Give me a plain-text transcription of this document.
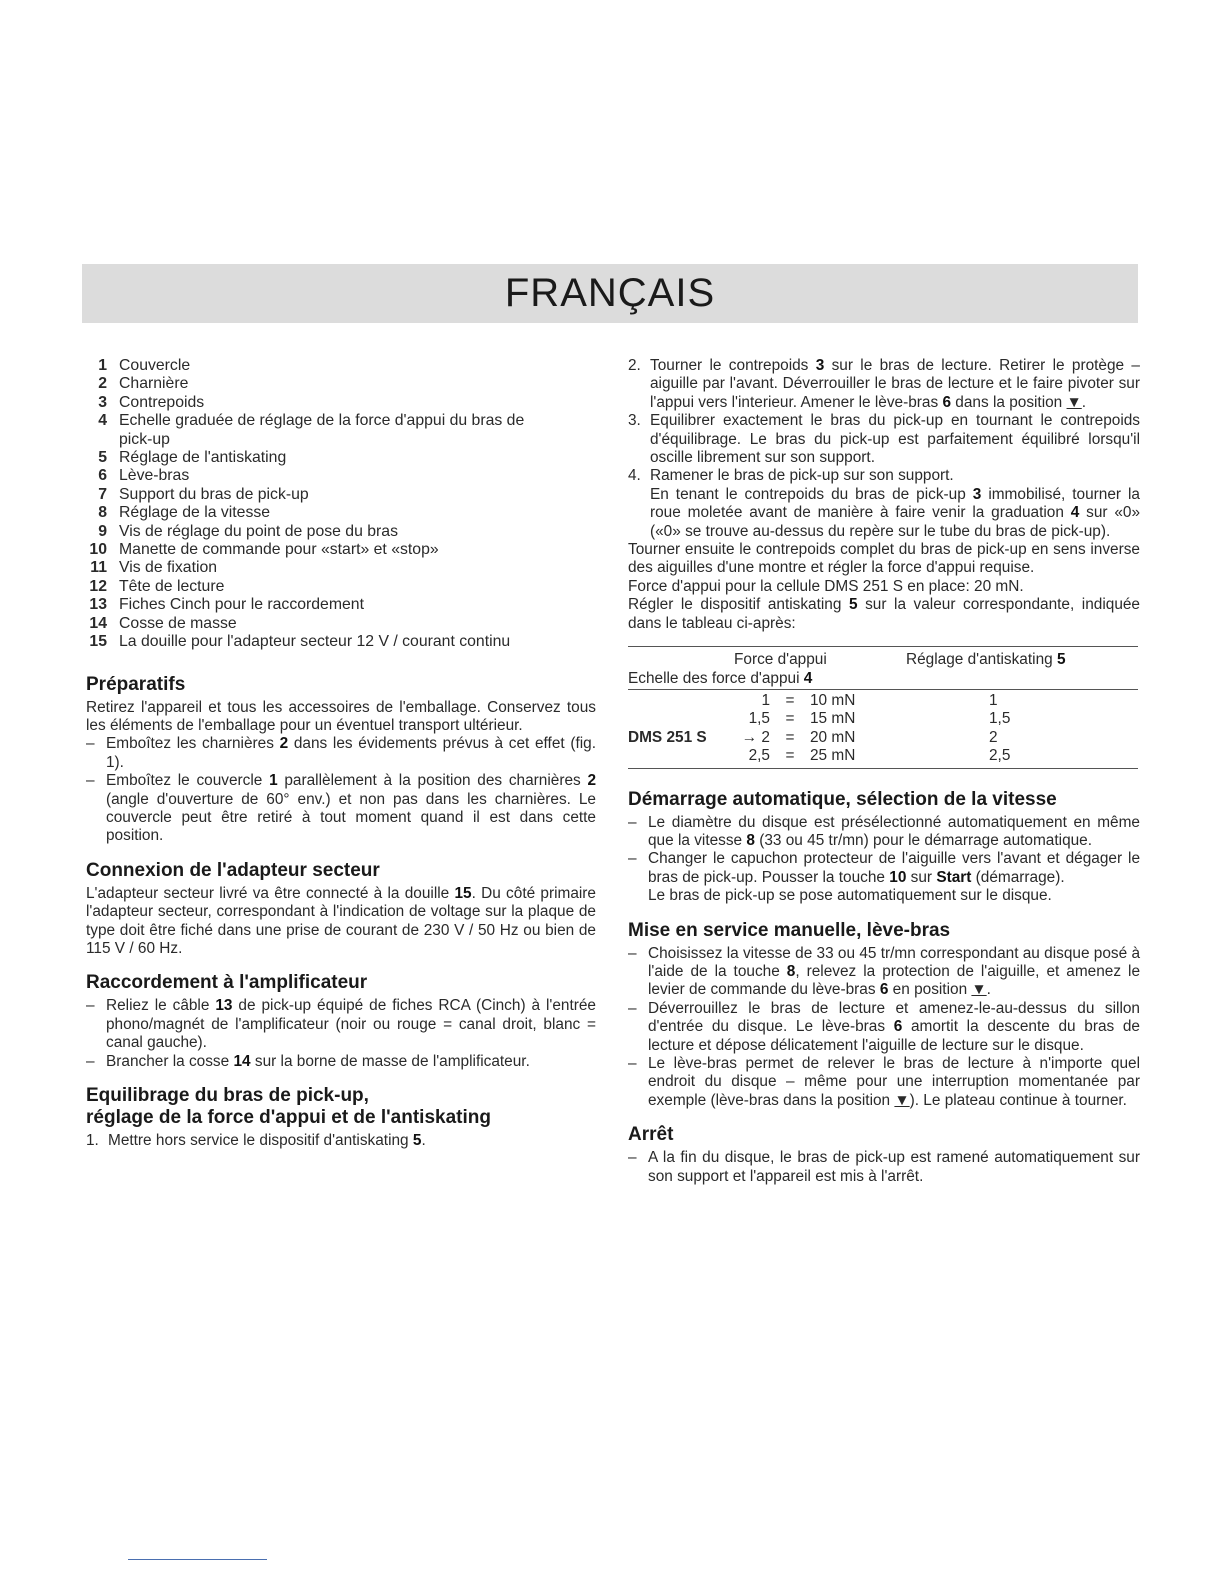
FRANÇAIS
1 Couvercle
2 Charnière
3 Contrepoids
4 Echelle graduée de réglage de la force d'appui du bras de pick-up
5 Réglage de l'antiskating
6 Lève-bras
7 Support du bras de pick-up
8 Réglage de la vitesse
9 Vis de réglage du point de pose du bras
10 Manette de commande pour «start» et «stop»
11 Vis de fixation
12 Tête de lecture
13 Fiches Cinch pour le raccordement
14 Cosse de masse
15 La douille pour l'adapteur secteur 12 V / courant continu
Préparatifs

Retirez l'appareil et tous les accessoires de l'emballage. Conservez tous les éléments de l'emballage pour un éventuel transport ultérieur.

– Emboîtez les charnières 2 dans les évidements prévus à cet effet (fig. 1).
– Emboîtez le couvercle 1 parallèlement à la position des charnières 2 (angle d'ouverture de 60° env.) et non pas dans les charnières. Le couvercle peut être retiré à tout moment quand il est dans cette position.
Connexion de l'adapteur secteur

L'adapteur secteur livré va être connecté à la douille 15. Du côté primaire l'adapteur secteur, correspondant à l'indication de voltage sur la plaque de type doit être fiché dans une prise de courant de 230 V / 50 Hz ou bien de 115 V / 60 Hz.

Raccordement à l'amplificateur
– Reliez le câble 13 de pick-up équipé de fiches RCA (Cinch) à l'entrée phono/magnét de l'amplificateur (noir ou rouge = canal droit, blanc = canal gauche).
– Brancher la cosse 14 sur la borne de masse de l'amplificateur.
Equilibrage du bras de pick-up,
réglage de la force d'appui et de l'antiskating
1. Mettre hors service le dispositif d'antiskating 5.
2. Tourner le contrepoids 3 sur le bras de lecture. Retirer le protège – aiguille par l'avant. Déverrouiller le bras de lecture et le faire pivoter sur l'appui vers l'interieur. Amener le lève-bras 6 dans la position ▼.
3. Equilibrer exactement le bras du pick-up en tournant le contrepoids d'équilibrage. Le bras du pick-up est parfaitement équilibré lorsqu'il oscille librement sur son support.
4. Ramener le bras de pick-up sur son support.

En tenant le contrepoids du bras de pick-up 3 immobilisé, tourner la roue moletée avant de manière à faire venir la graduation 4 sur «0» («0» se trouve au-dessus du repère sur le tube du bras de pick-up).

Tourner ensuite le contrepoids complet du bras de pick-up en sens inverse des aiguilles d'une montre et régler la force d'appui requise.

Force d'appui pour la cellule DMS 251 S en place: 20 mN.

Régler le dispositif antiskating 5 sur la valeur correspondante, indiquée dans le tableau ci-après:

Force d'appui				Réglage d'antiskating 5
Echelle des force d'appui 4				
	1	=	10 mN	1
	1,5	=	15 mN	1,5
DMS 251 S	→ 2	=	20 mN	2
	2,5	=	25 mN	2,5
Démarrage automatique, sélection de la vitesse
– Le diamètre du disque est présélectionné automatiquement en même que la vitesse 8 (33 ou 45 tr/mn) pour le démarrage automatique.
– Changer le capuchon protecteur de l'aiguille vers l'avant et dégager le bras de pick-up. Pousser la touche 10 sur Start (démarrage).
Le bras de pick-up se pose automatiquement sur le disque.
Mise en service manuelle, lève-bras
– Choisissez la vitesse de 33 ou 45 tr/mn correspondant au disque posé à l'aide de la touche 8, relevez la protection de l'aiguille, et amenez le levier de commande du lève-bras 6 en position ▼.
– Déverrouillez le bras de lecture et amenez-le-au-dessus du sillon d'entrée du disque. Le lève-bras 6 amortit la descente du bras de lecture et dépose délicatement l'aiguille de lecture sur le disque.
– Le lève-bras permet de relever le bras de lecture à n'importe quel endroit du disque – même pour une interruption momentanée par exemple (lève-bras dans la position ▼). Le plateau continue à tourner.
Arrêt
– A la fin du disque, le bras de pick-up est ramené automatiquement sur son support et l'appareil est mis à l'arrêt.
